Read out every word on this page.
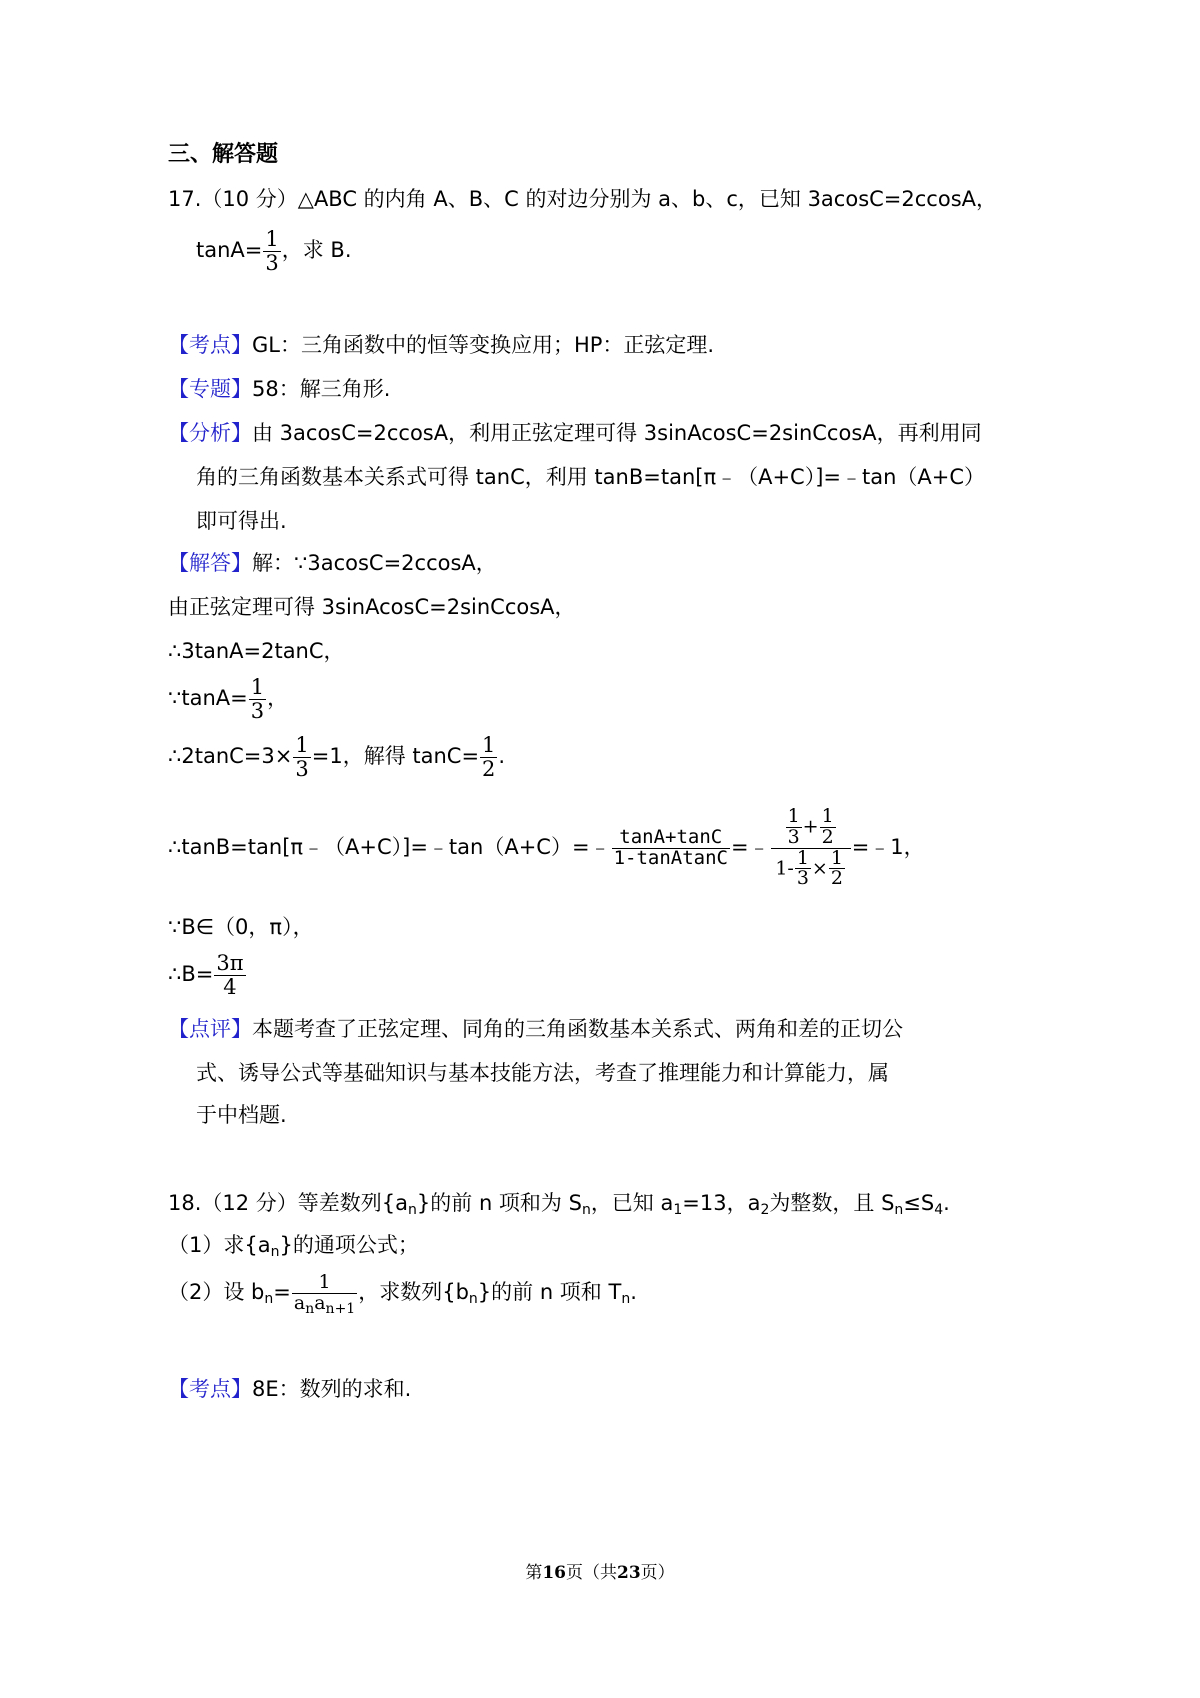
三、解答题
17.（10 分）△ABC 的内角 A、B、C 的对边分别为 a、b、c，已知 3acosC=2ccosA，
$\tan A= \frac{1}{3}$ ，求 B.
【考点】GL：三角函数中的恒等变换应用；HP：正弦定理.
【专题】58：解三角形.
【分析】由 3acosC=2ccosA，利用正弦定理可得 3sinAcosC=2sinCcosA，再利用同
角的三角函数基本关系式可得 tanC，利用 tanB=tan[π﹣（A+C）]=﹣tan（A+C）
即可得出.
【解答】解：∵3acosC=2ccosA，
由正弦定理可得 3sinAcosC=2sinCcosA，
∴3tanA=2tanC，
∵tanA= $\frac{1}{3}$ ，
∴2tanC=3× $\frac{1}{3} =1$，解得 $\tan C= \frac{1}{2}$ .
∴tanB=tan[π﹣（A+C）]=﹣tan（A+C）=﹣ $\frac{\tan A+\tan C}{\text{1-tanAtanC}}$ =﹣ $\frac{\frac{1}{3} + \frac{1}{2}}{1- \frac{1}{3} \times \frac{1}{2}}$ =﹣1，
∵B∈（0，π），
∴B= $\frac{3\pi}{4}$
【点评】本题考查了正弦定理、同角的三角函数基本关系式、两角和差的正切公
式、诱导公式等基础知识与基本技能方法，考查了推理能力和计算能力，属
于中档题.
18.（12 分）等差数列$\{a_n\}$的前 n 项和为 $S_n$，已知 $a_1=13$，$a_2$为整数，且 $S_n\le S_4$.
（1）求$\{a_n\}$的通项公式；
（2）设 $b_n= \frac{1}{a_na_{n+1}}$ ，求数列$\{b_n\}$的前 n 项和 $T_n$.
【考点】8E：数列的求和.
第16页（共23页）
